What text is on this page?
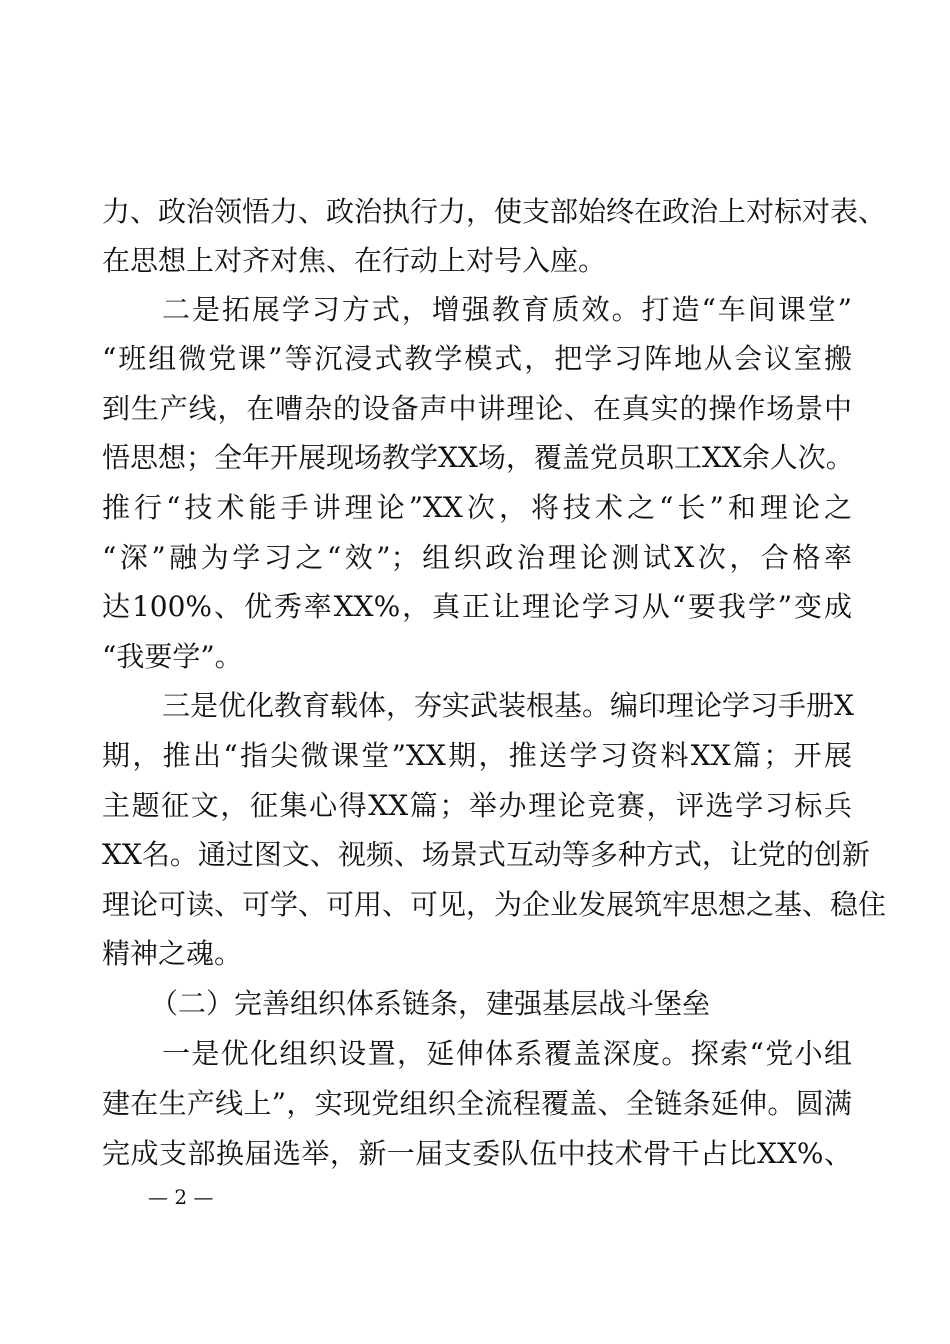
力、政治领悟力、政治执行力，使支部始终在政治上对标对表、
在思想上对齐对焦、在行动上对号入座。
二是拓展学习方式，增强教育质效。打造“车间课堂”
“班组微党课”等沉浸式教学模式，把学习阵地从会议室搬
到生产线，在嘈杂的设备声中讲理论、在真实的操作场景中
悟思想；全年开展现场教学XX场，覆盖党员职工XX余人次。
推行“技术能手讲理论”XX次，将技术之“长”和理论之
“深”融为学习之“效”；组织政治理论测试X次，合格率
达100%、优秀率XX%，真正让理论学习从“要我学”变成
“我要学”。
三是优化教育载体，夯实武装根基。编印理论学习手册X
期，推出“指尖微课堂”XX期，推送学习资料XX篇；开展
主题征文，征集心得XX篇；举办理论竞赛，评选学习标兵
XX名。通过图文、视频、场景式互动等多种方式，让党的创新
理论可读、可学、可用、可见，为企业发展筑牢思想之基、稳住
精神之魂。
（二）完善组织体系链条，建强基层战斗堡垒
一是优化组织设置，延伸体系覆盖深度。探索“党小组
建在生产线上”，实现党组织全流程覆盖、全链条延伸。圆满
完成支部换届选举，新一届支委队伍中技术骨干占比XX%、
— 2 —
